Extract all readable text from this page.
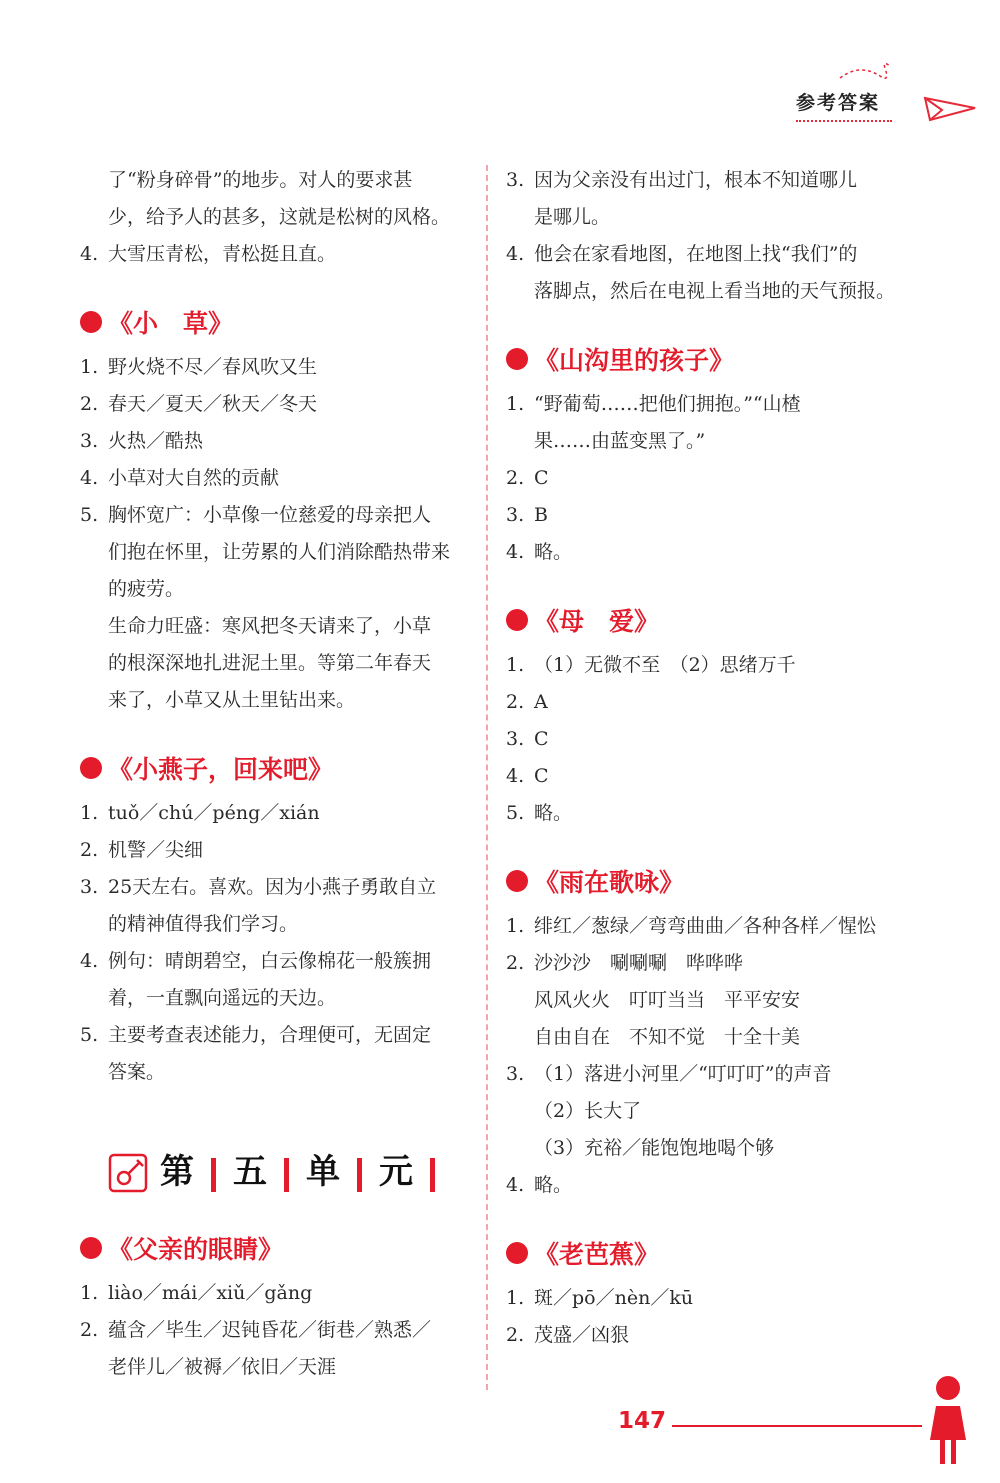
参考答案
了“粉身碎骨”的地步。对人的要求甚
少，给予人的甚多，这就是松树的风格。
4. 大雪压青松，青松挺且直。
《小　草》
1. 野火烧不尽／春风吹又生
2. 春天／夏天／秋天／冬天
3. 火热／酷热
4. 小草对大自然的贡献
5. 胸怀宽广：小草像一位慈爱的母亲把人
们抱在怀里，让劳累的人们消除酷热带来
的疲劳。
生命力旺盛：寒风把冬天请来了，小草
的根深深地扎进泥土里。等第二年春天
来了，小草又从土里钻出来。
《小燕子，回来吧》
1. tuǒ／chú／péng／xián
2. 机警／尖细
3. 25天左右。喜欢。因为小燕子勇敢自立
的精神值得我们学习。
4. 例句：晴朗碧空，白云像棉花一般簇拥
着，一直飘向遥远的天边。
5. 主要考查表述能力，合理便可，无固定
答案。
第 五 单 元
《父亲的眼睛》
1. liào／mái／xiǔ／gǎng
2. 蕴含／毕生／迟钝昏花／街巷／熟悉／
老伴儿／被褥／依旧／天涯
3. 因为父亲没有出过门，根本不知道哪儿
是哪儿。
4. 他会在家看地图，在地图上找“我们”的
落脚点，然后在电视上看当地的天气预报。
《山沟里的孩子》
1. “野葡萄……把他们拥抱。”“山楂
果……由蓝变黑了。”
2. C
3. B
4. 略。
《母　爱》
1. （1）无微不至　（2）思绪万千
2. A
3. C
4. C
5. 略。
《雨在歌咏》
1. 绯红／葱绿／弯弯曲曲／各种各样／惺忪
2. 沙沙沙　唰唰唰　哗哗哗
风风火火　叮叮当当　平平安安
自由自在　不知不觉　十全十美
3. （1）落进小河里／“叮叮叮”的声音
（2）长大了
（3）充裕／能饱饱地喝个够
4. 略。
《老芭蕉》
1. 斑／pō／nèn／kū
2. 茂盛／凶狠
147
